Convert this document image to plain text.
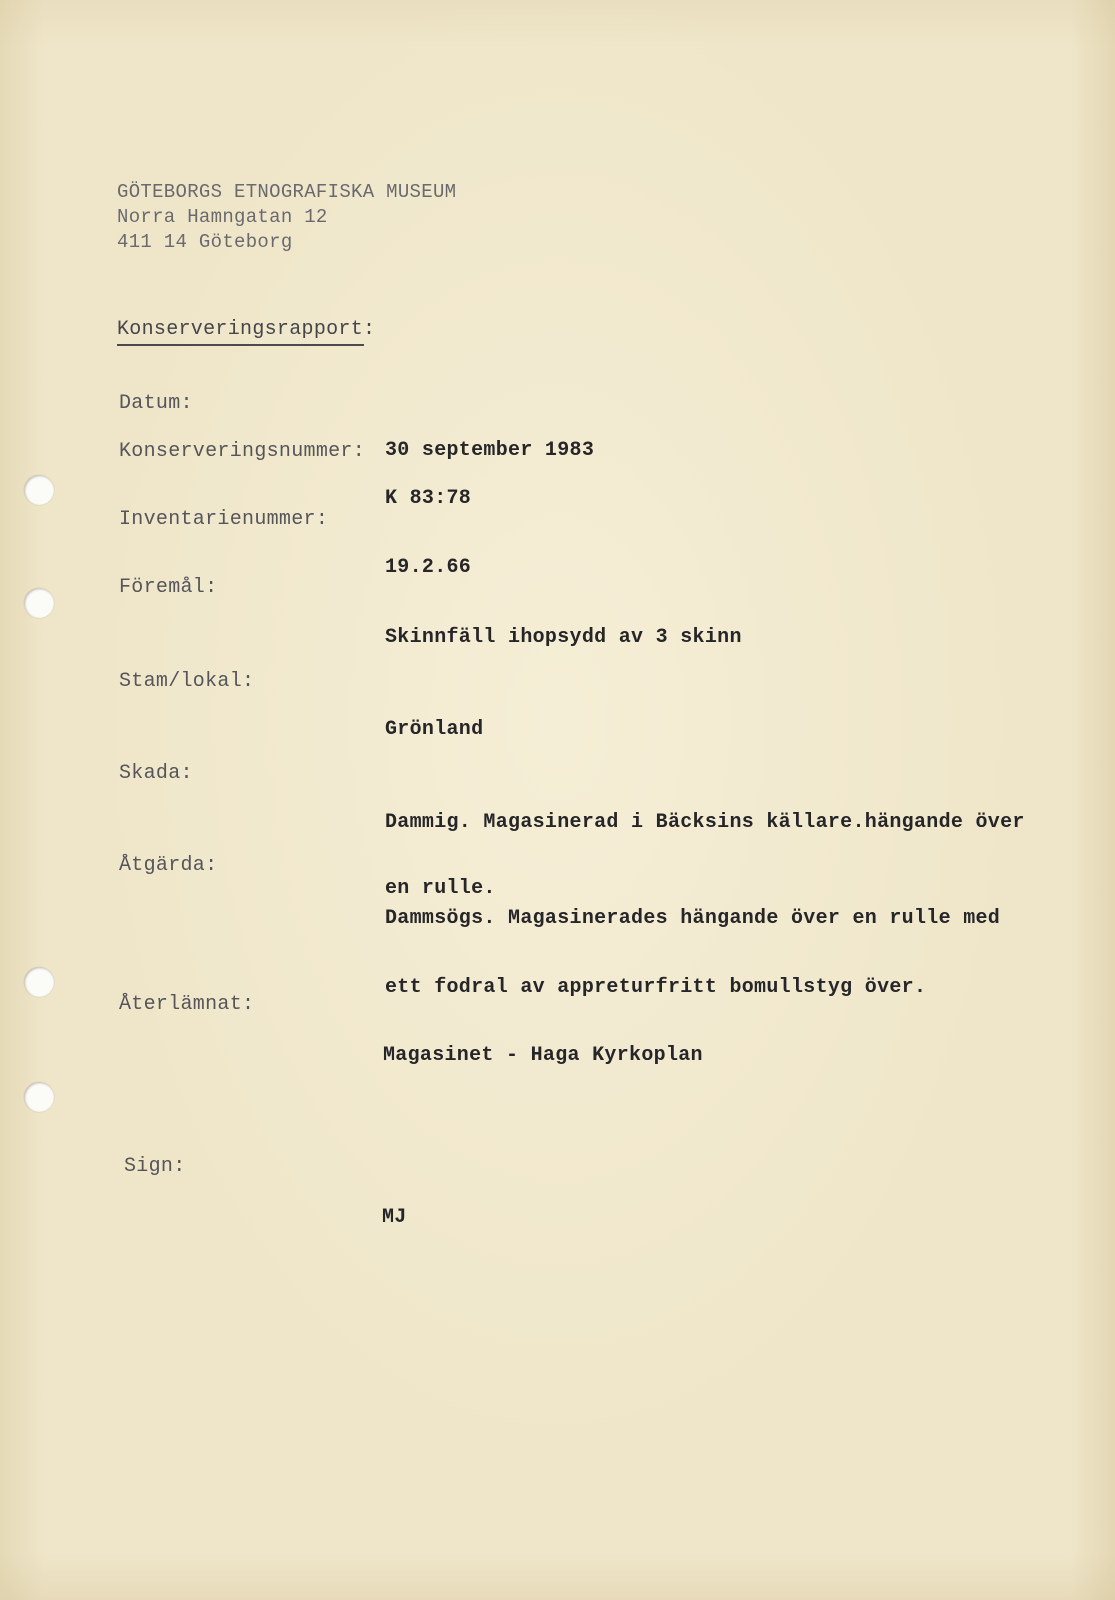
GÖTEBORGS ETNOGRAFISKA MUSEUM
Norra Hamngatan 12
411 14 Göteborg
Konserveringsrapport:
Datum:

30 september 1983

Konserveringsnummer:

K 83:78

Inventarienummer:

19.2.66

Föremål:

Skinnfäll ihopsydd av 3 skinn

Stam/lokal:

Grönland

Skada:

Dammig. Magasinerad i Bäcksins källare.hängande över

en rulle.

Åtgärda:

Dammsögs. Magasinerades hängande över en rulle med

ett fodral av appreturfritt bomullstyg över.

Återlämnat:

Magasinet - Haga Kyrkoplan

Sign:

MJ
